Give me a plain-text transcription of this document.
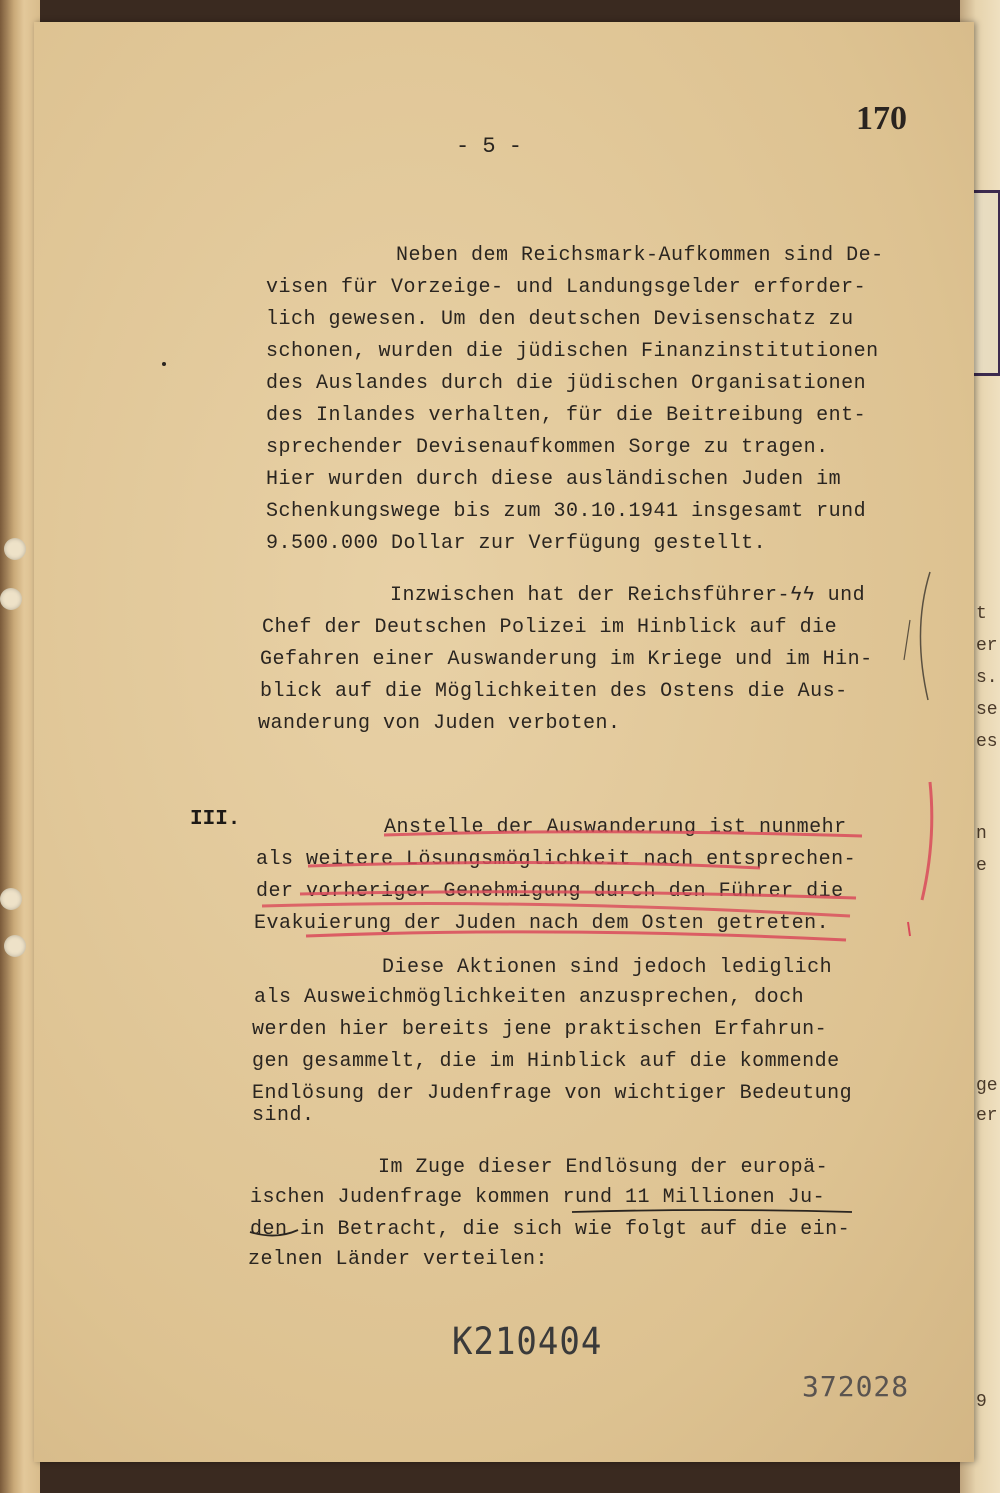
t
er
s.
se
es
n
e
ge
er
9
170
- 5 -
Neben dem Reichsmark-Aufkommen sind De-
visen für Vorzeige- und Landungsgelder erforder-
lich gewesen. Um den deutschen Devisenschatz zu
schonen, wurden die jüdischen Finanzinstitutionen
des Auslandes durch die jüdischen Organisationen
des Inlandes verhalten, für die Beitreibung ent-
sprechender Devisenaufkommen Sorge zu tragen.
Hier wurden durch diese ausländischen Juden im
Schenkungswege bis zum 30.10.1941 insgesamt rund
9.500.000 Dollar zur Verfügung gestellt.
Inzwischen hat der Reichsführer-ϟϟ und
Chef der Deutschen Polizei im Hinblick auf die
Gefahren einer Auswanderung im Kriege und im Hin-
blick auf die Möglichkeiten des Ostens die Aus-
wanderung von Juden verboten.
III.	Anstelle der Auswanderung ist nunmehr
als weitere Lösungsmöglichkeit nach entsprechen-
der vorheriger Genehmigung durch den Führer die
Evakuierung der Juden nach dem Osten getreten.
Diese Aktionen sind jedoch lediglich
als Ausweichmöglichkeiten anzusprechen, doch
werden hier bereits jene praktischen Erfahrun-
gen gesammelt, die im Hinblick auf die kommende
Endlösung der Judenfrage von wichtiger Bedeutung
sind.
Im Zuge dieser Endlösung der europä-
ischen Judenfrage kommen rund 11 Millionen Ju-
den in Betracht, die sich wie folgt auf die ein-
zelnen Länder verteilen:
K210404
372028
